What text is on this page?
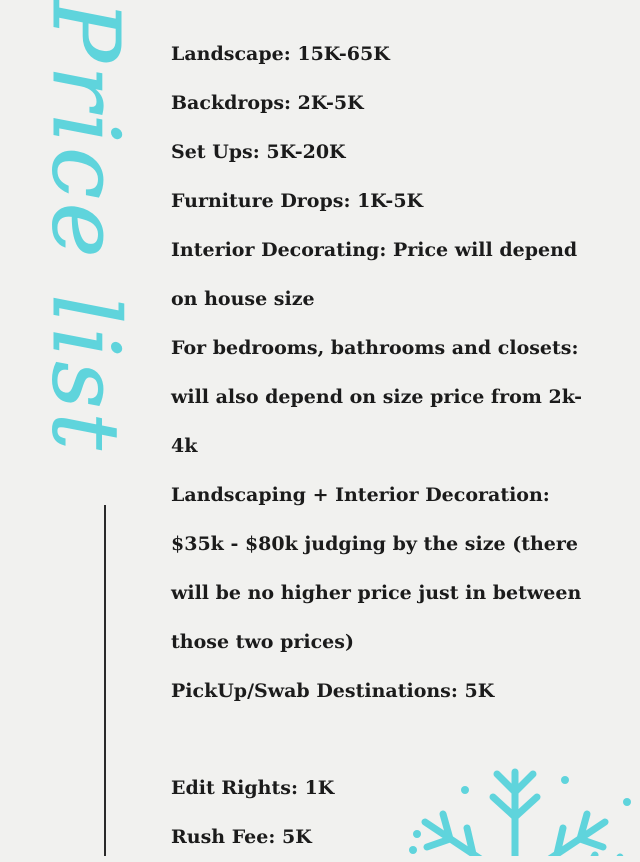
Price list Landscape: 15K-65K
Backdrops: 2K-5K
Set Ups: 5K-20K
Furniture Drops: 1K-5K
Interior Decorating: Price will depend
on house size
For bedrooms, bathrooms and closets:
will also depend on size price from 2k-
4k
Landscaping + Interior Decoration:
$35k - $80k judging by the size (there
will be no higher price just in between
those two prices)
PickUp/Swab Destinations: 5K
Edit Rights: 1K
Rush Fee: 5K
